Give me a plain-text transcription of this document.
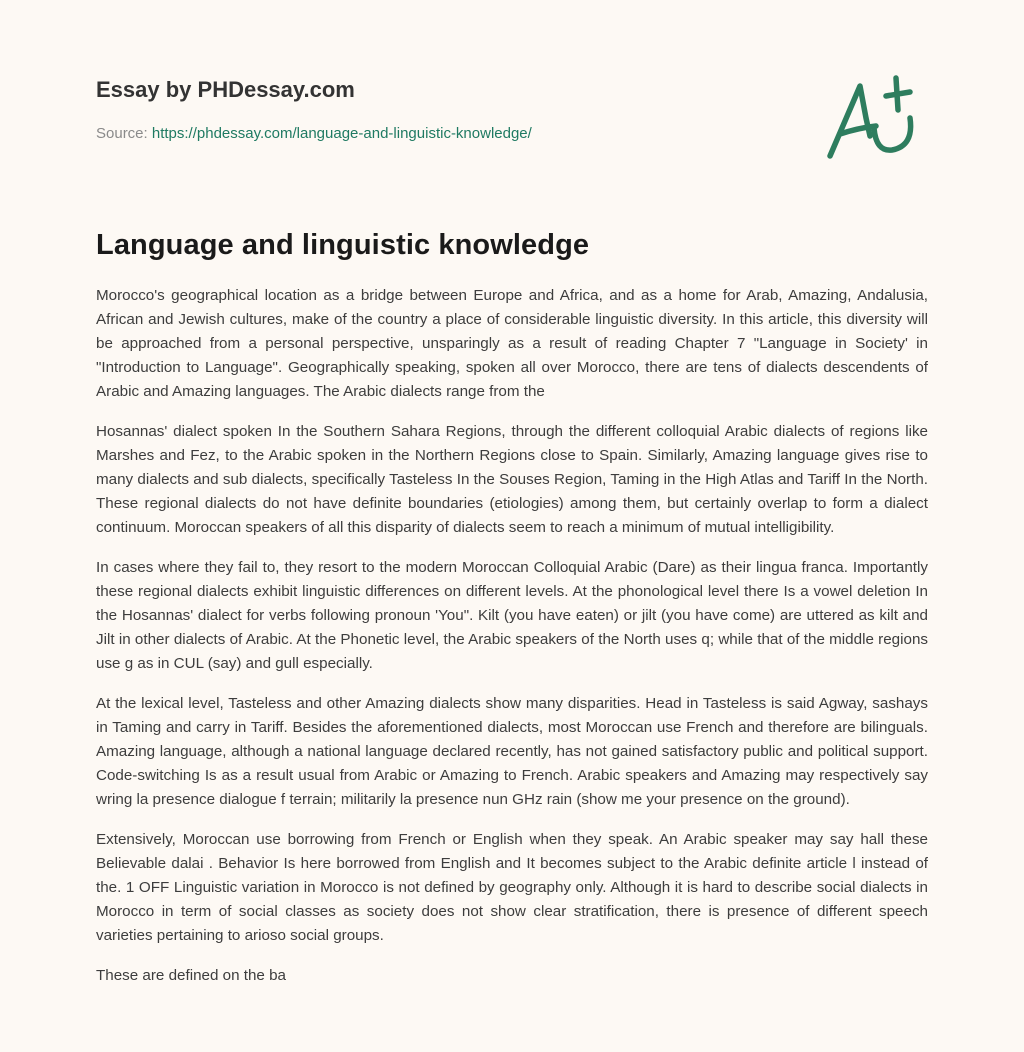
Essay by PHDessay.com
Source: https://phdessay.com/language-and-linguistic-knowledge/
Language and linguistic knowledge

Morocco's geographical location as a bridge between Europe and Africa, and as a home for Arab, Amazing, Andalusia, African and Jewish cultures, make of the country a place of considerable linguistic diversity. In this article, this diversity will be approached from a personal perspective, unsparingly as a result of reading Chapter 7 "Language in Society' in "Introduction to Language". Geographically speaking, spoken all over Morocco, there are tens of dialects descendents of Arabic and Amazing languages. The Arabic dialects range from the

Hosannas' dialect spoken In the Southern Sahara Regions, through the different colloquial Arabic dialects of regions like Marshes and Fez, to the Arabic spoken in the Northern Regions close to Spain. Similarly, Amazing language gives rise to many dialects and sub dialects, specifically Tasteless In the Souses Region, Taming in the High Atlas and Tariff In the North. These regional dialects do not have definite boundaries (etiologies) among them, but certainly overlap to form a dialect continuum. Moroccan speakers of all this disparity of dialects seem to reach a minimum of mutual intelligibility.

In cases where they fail to, they resort to the modern Moroccan Colloquial Arabic (Dare) as their lingua franca. Importantly these regional dialects exhibit linguistic differences on different levels. At the phonological level there Is a vowel deletion In the Hosannas' dialect for verbs following pronoun 'You". Kilt (you have eaten) or jilt (you have come) are uttered as kilt and Jilt in other dialects of Arabic. At the Phonetic level, the Arabic speakers of the North uses q; while that of the middle regions use g as in CUL (say) and gull especially.

At the lexical level, Tasteless and other Amazing dialects show many disparities. Head in Tasteless is said Agway, sashays in Taming and carry in Tariff. Besides the aforementioned dialects, most Moroccan use French and therefore are bilinguals. Amazing language, although a national language declared recently, has not gained satisfactory public and political support. Code-switching Is as a result usual from Arabic or Amazing to French. Arabic speakers and Amazing may respectively say wring la presence dialogue f terrain; militarily la presence nun GHz rain (show me your presence on the ground).

Extensively, Moroccan use borrowing from French or English when they speak. An Arabic speaker may say hall these Believable dalai . Behavior Is here borrowed from English and It becomes subject to the Arabic definite article l instead of the. 1 OFF Linguistic variation in Morocco is not defined by geography only. Although it is hard to describe social dialects in Morocco in term of social classes as society does not show clear stratification, there is presence of different speech varieties pertaining to arioso social groups.

These are defined on the ba
